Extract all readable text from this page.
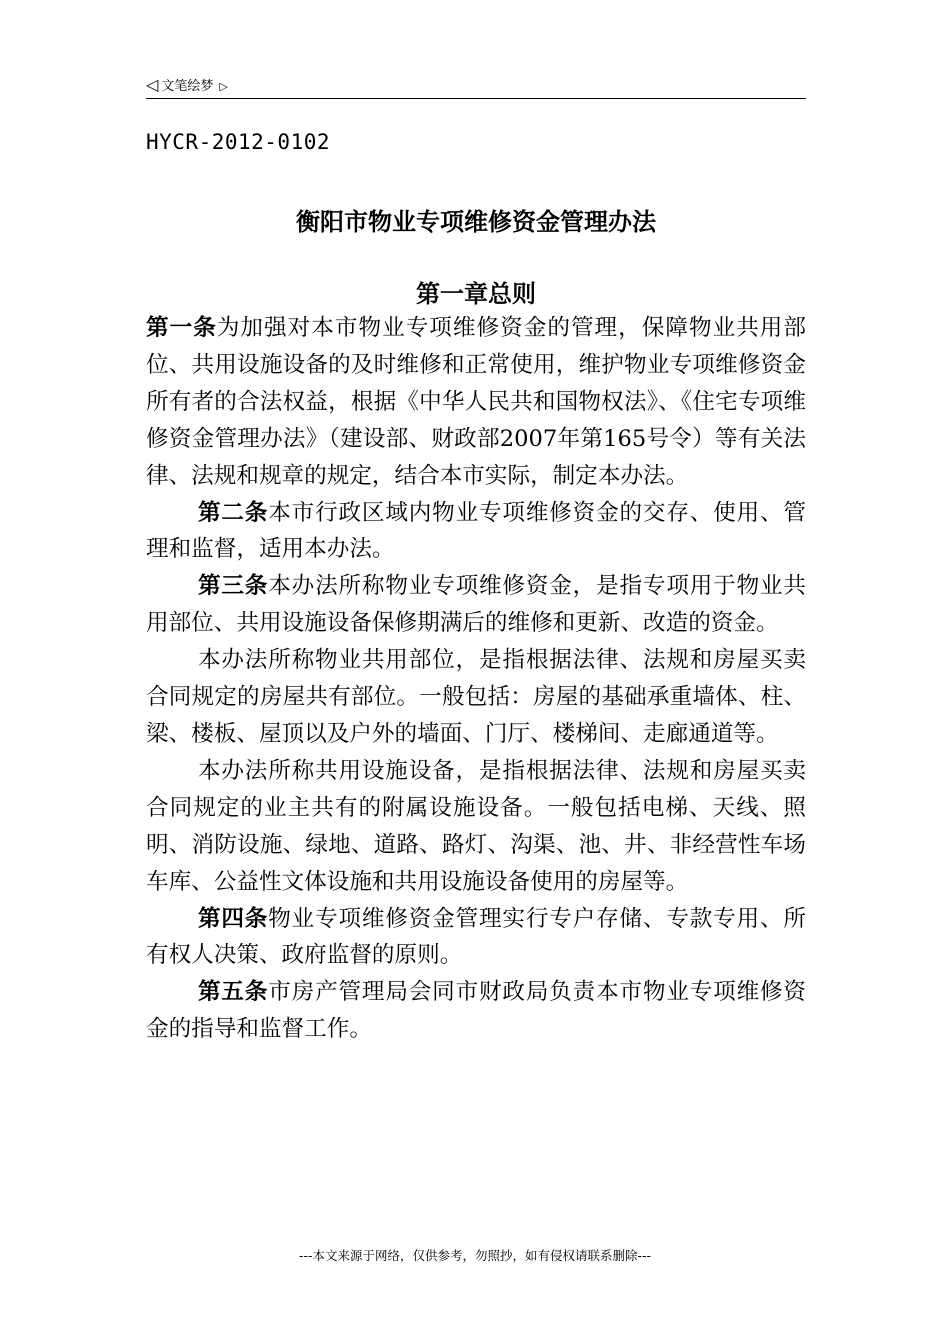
◁ 文笔绘梦 ▷
HYCR-2012-0102
衡阳市物业专项维修资金管理办法
第一章总则

第一条为加强对本市物业专项维修资金的管理，保障物业共用部位、共用设施设备的及时维修和正常使用，维护物业专项维修资金所有者的合法权益，根据《中华人民共和国物权法》、《住宅专项维修资金管理办法》（建设部、财政部2007年第165号令）等有关法律、法规和规章的规定，结合本市实际，制定本办法。

第二条本市行政区域内物业专项维修资金的交存、使用、管理和监督，适用本办法。

第三条本办法所称物业专项维修资金，是指专项用于物业共用部位、共用设施设备保修期满后的维修和更新、改造的资金。

本办法所称物业共用部位，是指根据法律、法规和房屋买卖合同规定的房屋共有部位。一般包括：房屋的基础承重墙体、柱、梁、楼板、屋顶以及户外的墙面、门厅、楼梯间、走廊通道等。

本办法所称共用设施设备，是指根据法律、法规和房屋买卖合同规定的业主共有的附属设施设备。一般包括电梯、天线、照明、消防设施、绿地、道路、路灯、沟渠、池、井、非经营性车场车库、公益性文体设施和共用设施设备使用的房屋等。

第四条物业专项维修资金管理实行专户存储、专款专用、所有权人决策、政府监督的原则。

第五条市房产管理局会同市财政局负责本市物业专项维修资金的指导和监督工作。

---本文来源于网络，仅供参考，勿照抄，如有侵权请联系删除---
